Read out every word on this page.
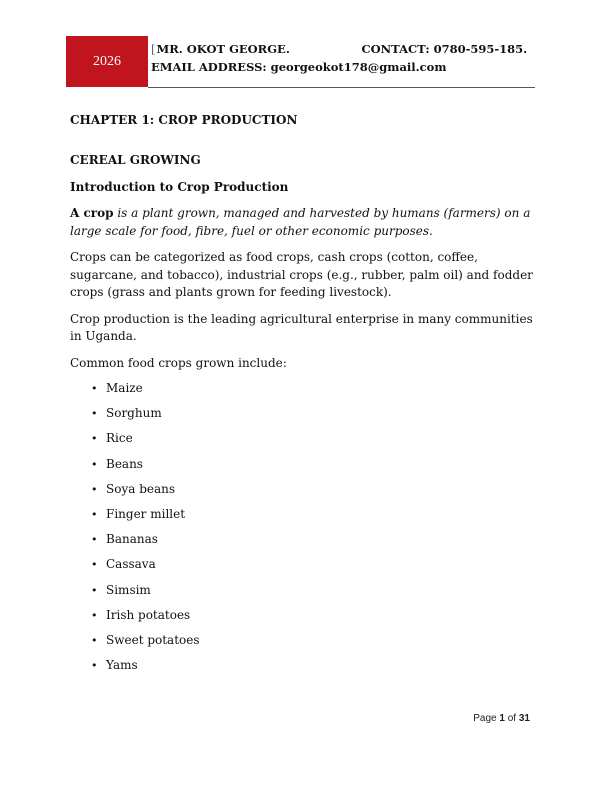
2026
[ MR. OKOT GEORGE.	CONTACT: 0780-595-185.
EMAIL ADDRESS: georgeokot178@gmail.com
CHAPTER 1: CROP PRODUCTION
CEREAL GROWING
Introduction to Crop Production

A crop is a plant grown, managed and harvested by humans (farmers) on a large scale for food, fibre, fuel or other economic purposes.

Crops can be categorized as food crops, cash crops (cotton, coffee, sugarcane, and tobacco), industrial crops (e.g., rubber, palm oil) and fodder crops (grass and plants grown for feeding livestock).

Crop production is the leading agricultural enterprise in many communities in Uganda.

Common food crops grown include:

• Maize
• Sorghum
• Rice
• Beans
• Soya beans
• Finger millet
• Bananas
• Cassava
• Simsim
• Irish potatoes
• Sweet potatoes
• Yams
Page 1 of 31
